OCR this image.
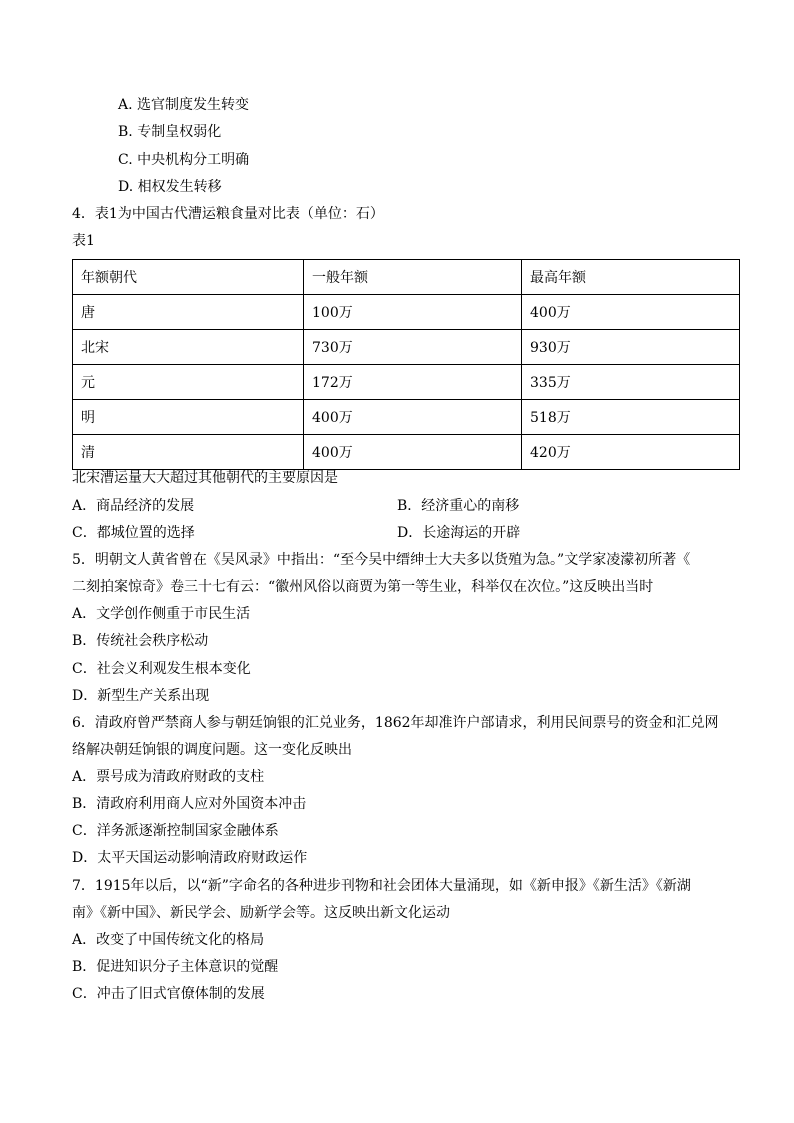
A. 选官制度发生转变
B. 专制皇权弱化
C. 中央机构分工明确
D. 相权发生转移
4．表1为中国古代漕运粮食量对比表（单位：石）
表1
年额朝代	一般年额	最高年额
唐	100万	400万
北宋	730万	930万
元	172万	335万
明	400万	518万
清	400万	420万
北宋漕运量大大超过其他朝代的主要原因是
A．商品经济的发展	B．经济重心的南移
C．都城位置的选择	D．长途海运的开辟
5．明朝文人黄省曾在《吴风录》中指出：“至今吴中缙绅士大夫多以货殖为急。”文学家凌濛初所著《
二刻拍案惊奇》卷三十七有云：“徽州风俗以商贾为第一等生业，科举仅在次位。”这反映出当时
A．文学创作侧重于市民生活
B．传统社会秩序松动
C．社会义利观发生根本变化
D．新型生产关系出现
6．清政府曾严禁商人参与朝廷饷银的汇兑业务，1862年却准许户部请求，利用民间票号的资金和汇兑网
络解决朝廷饷银的调度问题。这一变化反映出
A．票号成为清政府财政的支柱
B．清政府利用商人应对外国资本冲击
C．洋务派逐渐控制国家金融体系
D．太平天国运动影响清政府财政运作
7．1915年以后，以“新”字命名的各种进步刊物和社会团体大量涌现，如《新申报》《新生活》《新湖
南》《新中国》、新民学会、励新学会等。这反映出新文化运动
A．改变了中国传统文化的格局
B．促进知识分子主体意识的觉醒
C．冲击了旧式官僚体制的发展
